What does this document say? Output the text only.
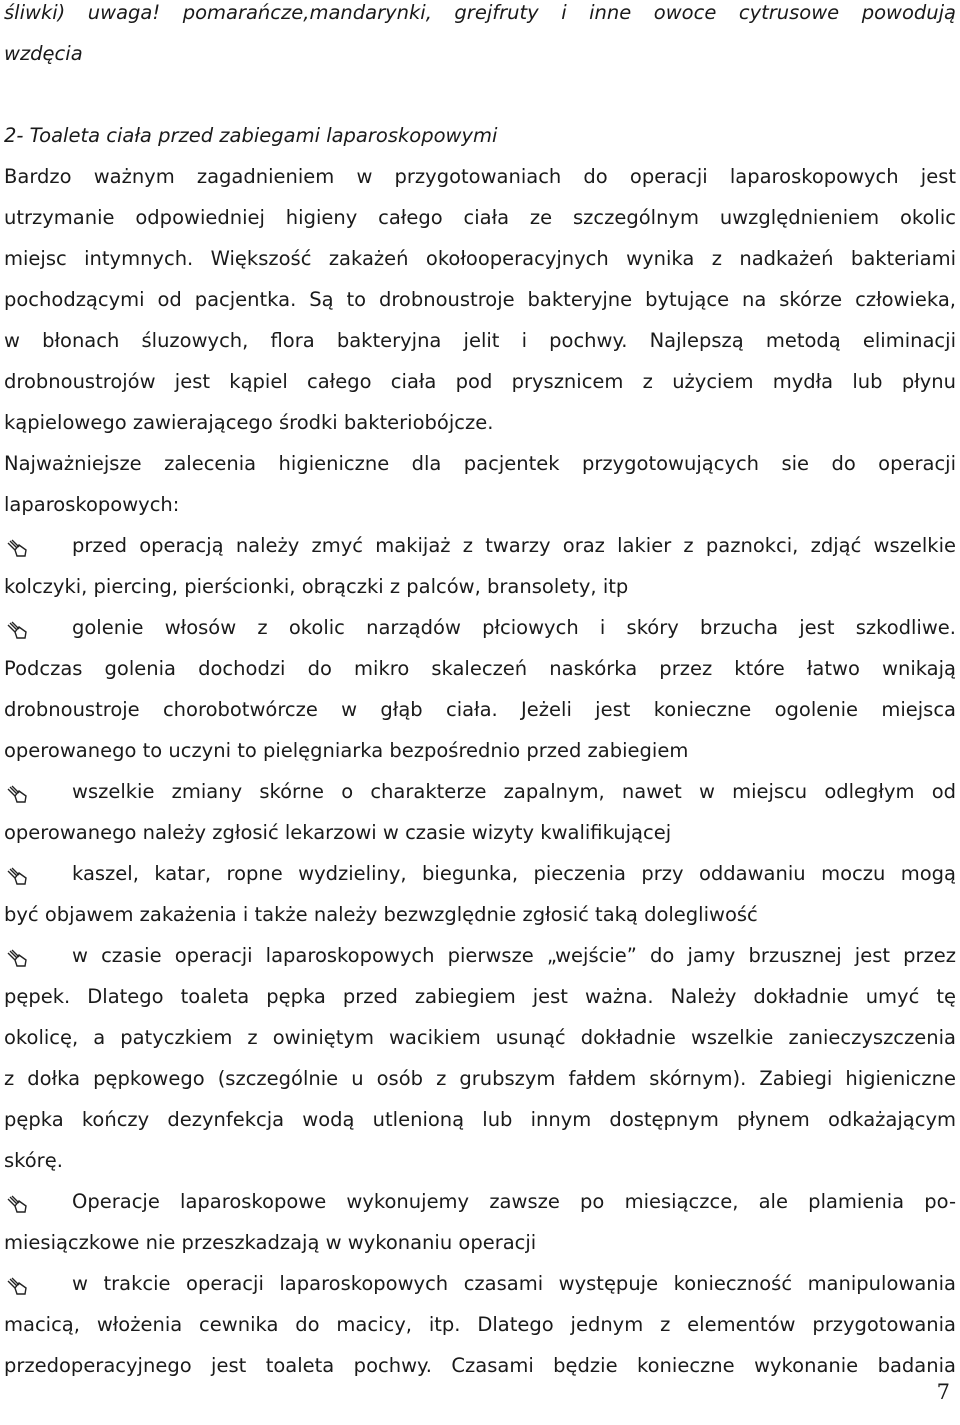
śliwki) uwaga! pomarańcze,mandarynki, grejfruty i inne owoce cytrusowe powodują
wzdęcia
2- Toaleta ciała przed zabiegami laparoskopowymi
Bardzo ważnym zagadnieniem w przygotowaniach do operacji laparoskopowych jest
utrzymanie odpowiedniej higieny całego ciała ze szczególnym uwzględnieniem okolic
miejsc intymnych. Większość zakażeń okołooperacyjnych wynika z nadkażeń bakteriami
pochodzącymi od pacjentka. Są to drobnoustroje bakteryjne bytujące na skórze człowieka,
w błonach śluzowych, flora bakteryjna jelit i pochwy. Najlepszą metodą eliminacji
drobnoustrojów jest kąpiel całego ciała pod prysznicem z użyciem mydła lub płynu
kąpielowego zawierającego środki bakteriobójcze.
Najważniejsze zalecenia higieniczne dla pacjentek przygotowujących sie do operacji
laparoskopowych:
przed operacją należy zmyć makijaż z twarzy oraz lakier z paznokci, zdjąć wszelkie
kolczyki, piercing, pierścionki, obrączki z palców, bransolety, itp
golenie włosów z okolic narządów płciowych i skóry brzucha jest szkodliwe.
Podczas golenia dochodzi do mikro skaleczeń naskórka przez które łatwo wnikają
drobnoustroje chorobotwórcze w głąb ciała. Jeżeli jest konieczne ogolenie miejsca
operowanego to uczyni to pielęgniarka bezpośrednio przed zabiegiem
wszelkie zmiany skórne o charakterze zapalnym, nawet w miejscu odległym od
operowanego należy zgłosić lekarzowi w czasie wizyty kwalifikującej
kaszel, katar, ropne wydzieliny, biegunka, pieczenia przy oddawaniu moczu mogą
być objawem zakażenia i także należy bezwzględnie zgłosić taką dolegliwość
w czasie operacji laparoskopowych pierwsze „wejście” do jamy brzusznej jest przez
pępek. Dlatego toaleta pępka przed zabiegiem jest ważna. Należy dokładnie umyć tę
okolicę, a patyczkiem z owiniętym wacikiem usunąć dokładnie wszelkie zanieczyszczenia
z dołka pępkowego (szczególnie u osób z grubszym fałdem skórnym). Zabiegi higieniczne
pępka kończy dezynfekcja wodą utlenioną lub innym dostępnym płynem odkażającym
skórę.
Operacje laparoskopowe wykonujemy zawsze po miesiączce, ale plamienia po-
miesiączkowe nie przeszkadzają w wykonaniu operacji
w trakcie operacji laparoskopowych czasami występuje konieczność manipulowania
macicą, włożenia cewnika do macicy, itp. Dlatego jednym z elementów przygotowania
przedoperacyjnego jest toaleta pochwy. Czasami będzie konieczne wykonanie badania
7
